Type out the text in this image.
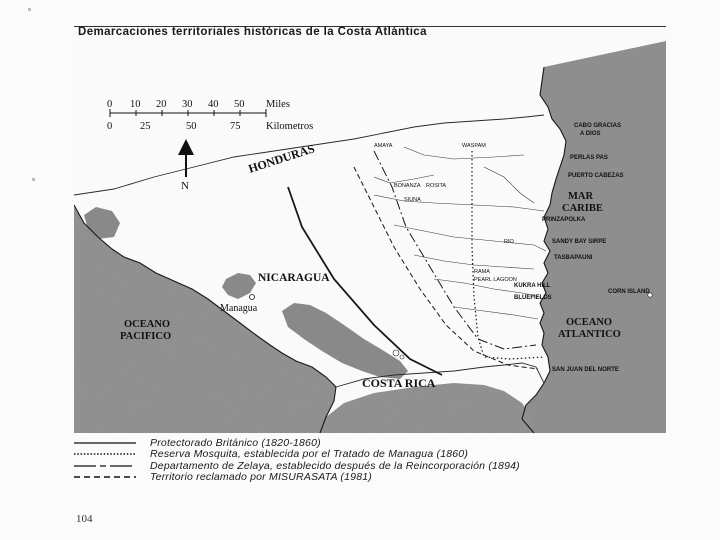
0 10 20 30 40 50 Miles
0	25	50	75 Kilometros
N
HONDURAS
NICARAGUA
Managua
OCEANO
PACIFICO
COSTA RICA
MAR
CARIBE
OCEANO
ATLANTICO
CABO GRACIAS
A DIOS
PERLAS PAS
PUERTO CABEZAS
PRINZAPOLKA
SANDY BAY SIRPE
TASBAPAUNI
CORN ISLAND
KUKRA HILL
BLUEFIELDS
SAN JUAN DEL NORTE
BONANZA ROSITA
SIUNA
WASPAM
AMAYA
RAMA
PEARL LAGOON
RIO
Demarcaciones territoriales históricas de la Costa Atlántica
Protectorado Británico (1820-1860)
Reserva Mosquita, establecida por el Tratado de Managua (1860)
Departamento de Zelaya, establecido después de la Reincorporación (1894)
Territorio reclamado por MISURASATA (1981)
104
